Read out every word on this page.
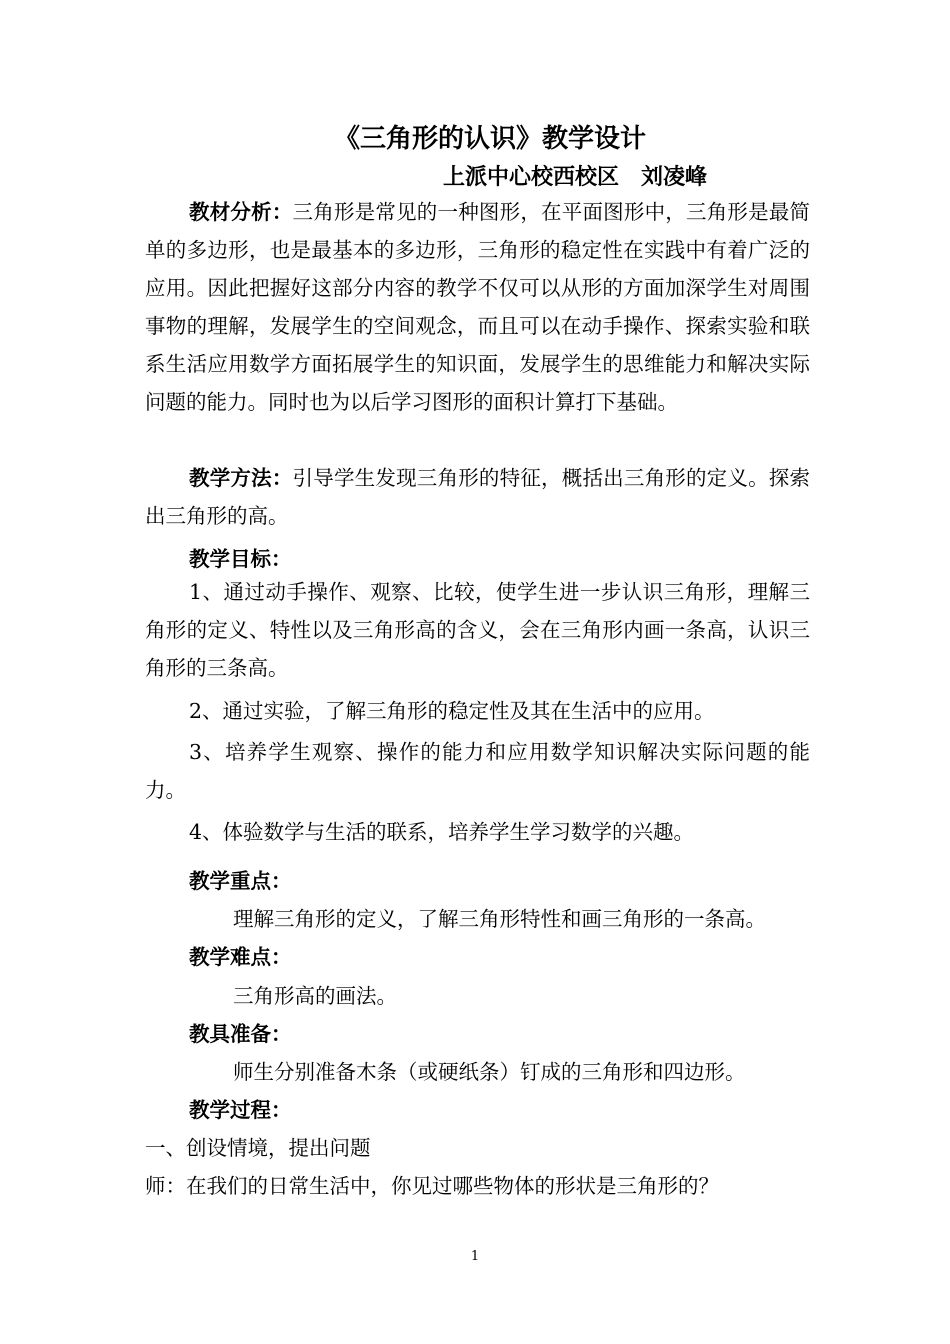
《三角形的认识》教学设计
上派中心校西校区　刘凌峰

教材分析：三角形是常见的一种图形，在平面图形中，三角形是最简单的多边形，也是最基本的多边形，三角形的稳定性在实践中有着广泛的应用。因此把握好这部分内容的教学不仅可以从形的方面加深学生对周围事物的理解，发展学生的空间观念，而且可以在动手操作、探索实验和联系生活应用数学方面拓展学生的知识面，发展学生的思维能力和解决实际问题的能力。同时也为以后学习图形的面积计算打下基础。

教学方法：引导学生发现三角形的特征，概括出三角形的定义。探索出三角形的高。

教学目标：

1、通过动手操作、观察、比较，使学生进一步认识三角形，理解三角形的定义、特性以及三角形高的含义，会在三角形内画一条高，认识三角形的三条高。

2、通过实验，了解三角形的稳定性及其在生活中的应用。

3、培养学生观察、操作的能力和应用数学知识解决实际问题的能力。

4、体验数学与生活的联系，培养学生学习数学的兴趣。

教学重点：
理解三角形的定义，了解三角形特性和画三角形的一条高。
教学难点：
三角形高的画法。
教具准备：
师生分别准备木条（或硬纸条）钉成的三角形和四边形。
教学过程：
一、创设情境，提出问题
师：在我们的日常生活中，你见过哪些物体的形状是三角形的？
1
